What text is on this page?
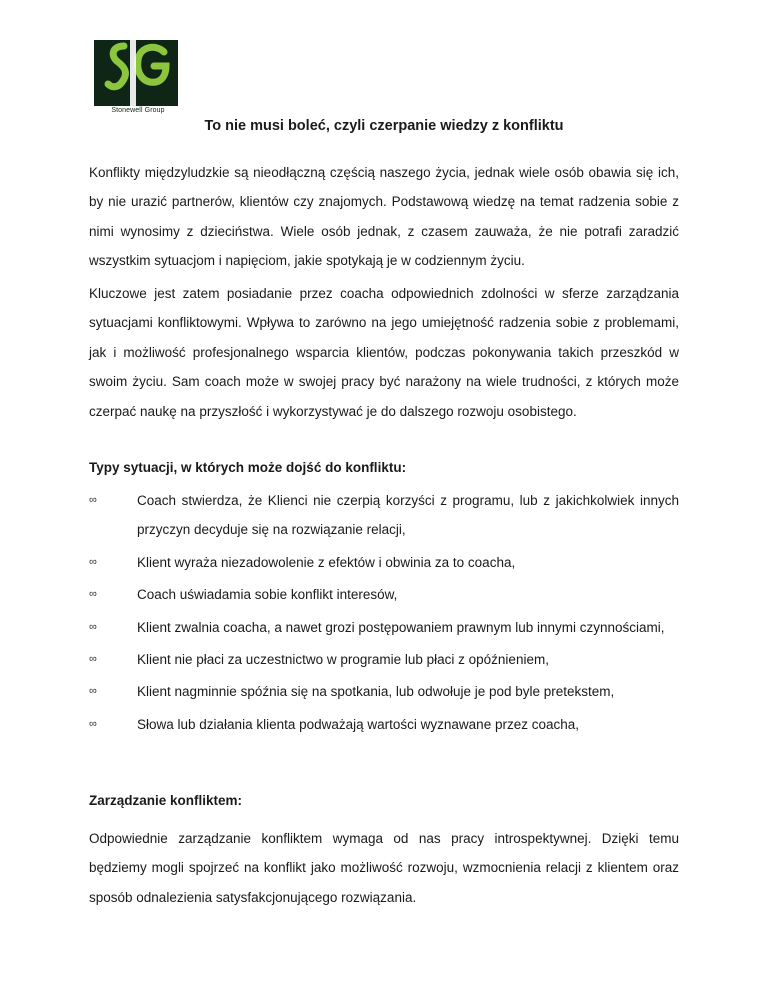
Stonewell Group
To nie musi boleć, czyli czerpanie wiedzy z konfliktu

Konflikty międzyludzkie są nieodłączną częścią naszego życia, jednak wiele osób obawia się ich, by nie urazić partnerów, klientów czy znajomych. Podstawową wiedzę na temat radzenia sobie z nimi wynosimy z dzieciństwa. Wiele osób jednak, z czasem zauważa, że nie potrafi zaradzić wszystkim sytuacjom i napięciom, jakie spotykają je w codziennym życiu.

Kluczowe jest zatem posiadanie przez coacha odpowiednich zdolności w sferze zarządzania sytuacjami konfliktowymi. Wpływa to zarówno na jego umiejętność radzenia sobie z problemami, jak i możliwość profesjonalnego wsparcia klientów, podczas pokonywania takich przeszkód w swoim życiu. Sam coach może w swojej pracy być narażony na wiele trudności, z których może czerpać naukę na przyszłość i wykorzystywać je do dalszego rozwoju osobistego.

Typy sytuacji, w których może dojść do konfliktu:
∞	Coach stwierdza, że Klienci nie czerpią korzyści z programu, lub z jakichkolwiek innych przyczyn decyduje się na rozwiązanie relacji,
∞	Klient wyraża niezadowolenie z efektów i obwinia za to coacha,
∞	Coach uświadamia sobie konflikt interesów,
∞	Klient zwalnia coacha, a nawet grozi postępowaniem prawnym lub innymi czynnościami,
∞	Klient nie płaci za uczestnictwo w programie lub płaci z opóźnieniem,
∞	Klient nagminnie spóźnia się na spotkania, lub odwołuje je pod byle pretekstem,
∞	Słowa lub działania klienta podważają wartości wyznawane przez coacha,
Zarządzanie konfliktem:

Odpowiednie zarządzanie konfliktem wymaga od nas pracy introspektywnej. Dzięki temu będziemy mogli spojrzeć na konflikt jako możliwość rozwoju, wzmocnienia relacji z klientem oraz sposób odnalezienia satysfakcjonującego rozwiązania.
